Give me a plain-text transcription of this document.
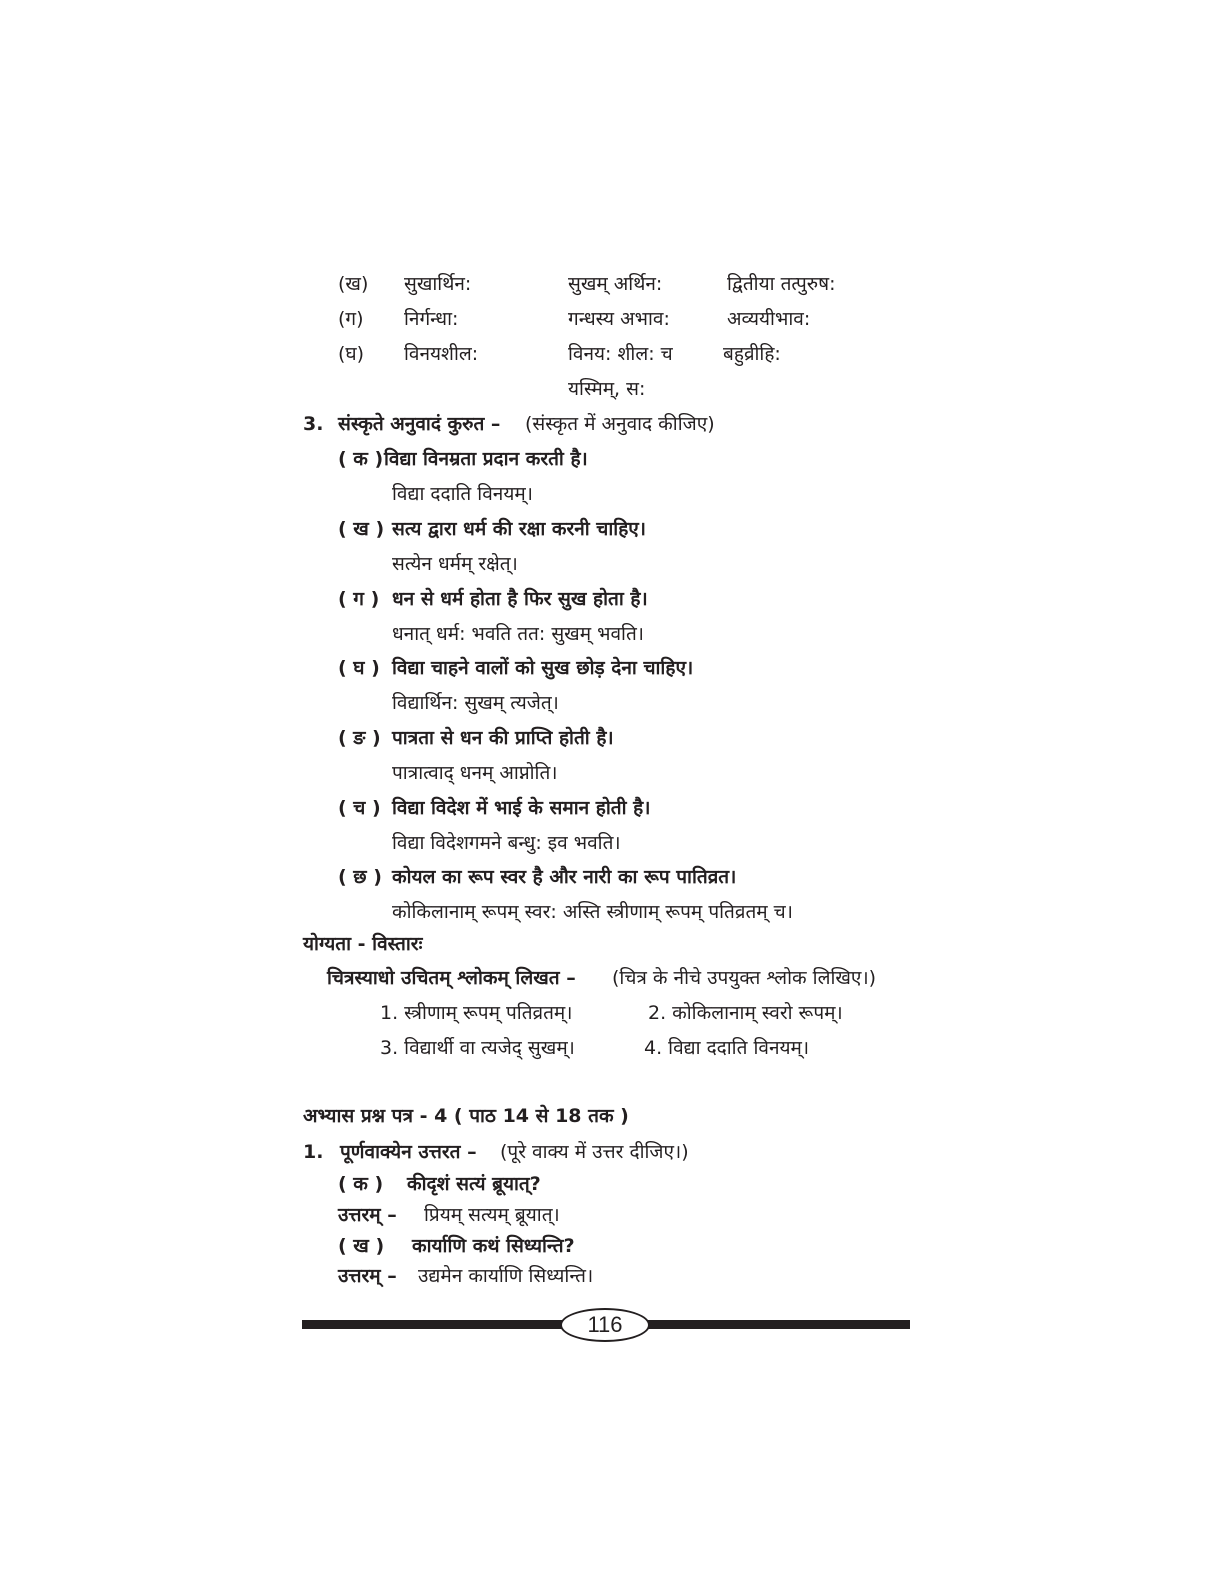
(ख) सुखार्थिन:	सुखम् अर्थिन:	द्वितीया तत्पुरुष:
(ग) निर्गन्धा:	गन्धस्य अभाव:	अव्ययीभाव:
(घ) विनयशील:	विनय: शील: च	बहुव्रीहि:
यस्मिम्, स:
3. संस्कृते अनुवादं कुरुत – (संस्कृत में अनुवाद कीजिए)
( क ) विद्या विनम्रता प्रदान करती है।
विद्या ददाति विनयम्।
( ख ) सत्य द्वारा धर्म की रक्षा करनी चाहिए।
सत्येन धर्मम् रक्षेत्।
( ग ) धन से धर्म होता है फिर सुख होता है।
धनात् धर्म: भवति तत: सुखम् भवति।
( घ ) विद्या चाहने वालों को सुख छोड़ देना चाहिए।
विद्यार्थिन: सुखम् त्यजेत्।
( ङ ) पात्रता से धन की प्राप्ति होती है।
पात्रात्वाद् धनम् आप्नोति।
( च ) विद्या विदेश में भाई के समान होती है।
विद्या विदेशगमने बन्धु: इव भवति।
( छ ) कोयल का रूप स्वर है और नारी का रूप पातिव्रत।
कोकिलानाम् रूपम् स्वर: अस्ति स्त्रीणाम् रूपम् पतिव्रतम् च।
योग्यता - विस्तारः
चित्रस्याधो उचितम् श्लोकम् लिखत – (चित्र के नीचे उपयुक्त श्लोक लिखिए।)
1. स्त्रीणाम् रूपम् पतिव्रतम्।	2. कोकिलानाम् स्वरो रूपम्।
3. विद्यार्थी वा त्यजेद् सुखम्।	4. विद्या ददाति विनयम्।
अभ्यास प्रश्न पत्र - 4 ( पाठ 14 से 18 तक )
1. पूर्णवाक्येन उत्तरत – (पूरे वाक्य में उत्तर दीजिए।)
( क ) कीदृशं सत्यं ब्रूयात्?
उत्तरम् – प्रियम् सत्यम् ब्रूयात्।
( ख ) कार्याणि कथं सिध्यन्ति?
उत्तरम् – उद्यमेन कार्याणि सिध्यन्ति।
116
